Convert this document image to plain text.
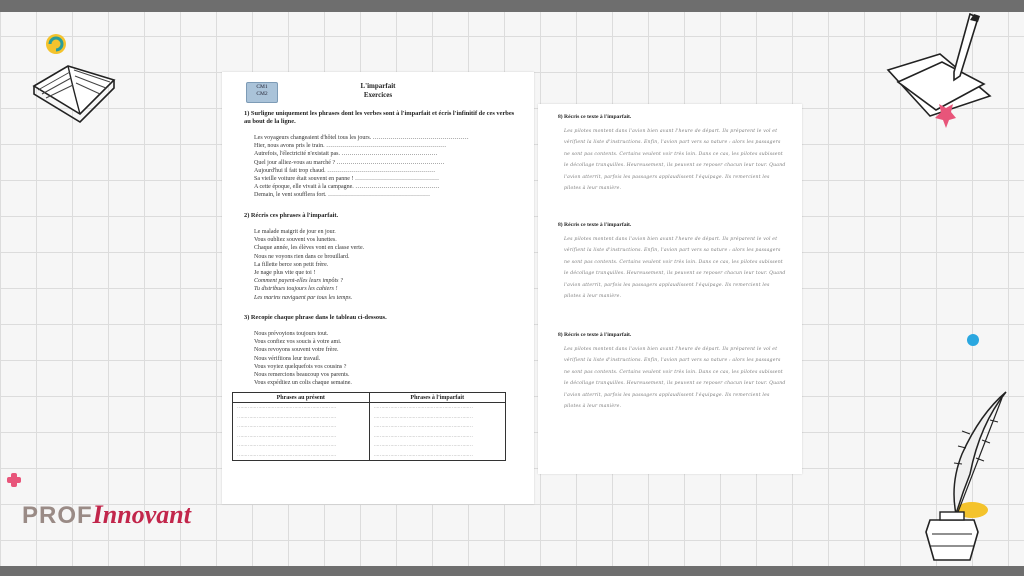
PROFInnovant
CM1
CM2
L'imparfait
Exercices
1) Surligne uniquement les phrases dont les verbes sont à l'imparfait et écris l'infinitif de ces verbes au bout de la ligne.
Les voyageurs changeaient d'hôtel tous les jours. …………………………………………
Hier, nous avons pris le train. ……………………………………………………
Autrefois, l'électricité n'existait pas. …………………………………………
Quel jour alliez-vous au marché ? ………………………………………………
Aujourd'hui il fait trop chaud. ………………………………………………
Sa vieille voiture était souvent en panne ! ……………………………………
A cette époque, elle vivait à la campagne. ……………………………………
Demain, le vent soufflera fort. ……………………………………………
2) Récris ces phrases à l'imparfait.
Le malade maigrit de jour en jour.
Vous oubliez souvent vos lunettes.
Chaque année, les élèves vont en classe verte.
Nous ne voyons rien dans ce brouillard.
La fillette berce son petit frère.
Je nage plus vite que toi !
Comment payent-elles leurs impôts ?
Tu distribues toujours les cahiers !
Les marins naviguent par tous les temps.
3) Recopie chaque phrase dans le tableau ci-dessous.
Nous prévoyions toujours tout.
Vous confiez vos soucis à votre ami.
Nous revoyons souvent votre frère.
Nous vérifiions leur travail.
Vous voyiez quelquefois vos cousins ?
Nous remercions beaucoup vos parents.
Vous expédiiez un colis chaque semaine.
Phrases au présent	Phrases à l'imparfait
…………………………………………………………	…………………………………………………………
…………………………………………………………	…………………………………………………………
…………………………………………………………	…………………………………………………………
…………………………………………………………	…………………………………………………………
…………………………………………………………	…………………………………………………………
…………………………………………………………	…………………………………………………………
8) Récris ce texte à l'imparfait.
Les pilotes montent dans l'avion bien avant l'heure de départ. Ils préparent le vol et vérifient la liste d'instructions. Enfin, l'avion part vers sa nature : alors les passagers ne sont pas contents. Certains veulent voir très loin. Dans ce cas, les pilotes subissent le décollage tranquilles. Heureusement, ils peuvent se reposer chacun leur tour. Quand l'avion atterrit, parfois les passagers applaudissent l'équipage. Ils remercient les pilotes à leur manière.
8) Récris ce texte à l'imparfait.
Les pilotes montent dans l'avion bien avant l'heure de départ. Ils préparent le vol et vérifient la liste d'instructions. Enfin, l'avion part vers sa nature : alors les passagers ne sont pas contents. Certains veulent voir très loin. Dans ce cas, les pilotes subissent le décollage tranquilles. Heureusement, ils peuvent se reposer chacun leur tour. Quand l'avion atterrit, parfois les passagers applaudissent l'équipage. Ils remercient les pilotes à leur manière.
8) Récris ce texte à l'imparfait.
Les pilotes montent dans l'avion bien avant l'heure de départ. Ils préparent le vol et vérifient la liste d'instructions. Enfin, l'avion part vers sa nature : alors les passagers ne sont pas contents. Certains veulent voir très loin. Dans ce cas, les pilotes subissent le décollage tranquilles. Heureusement, ils peuvent se reposer chacun leur tour. Quand l'avion atterrit, parfois les passagers applaudissent l'équipage. Ils remercient les pilotes à leur manière.
